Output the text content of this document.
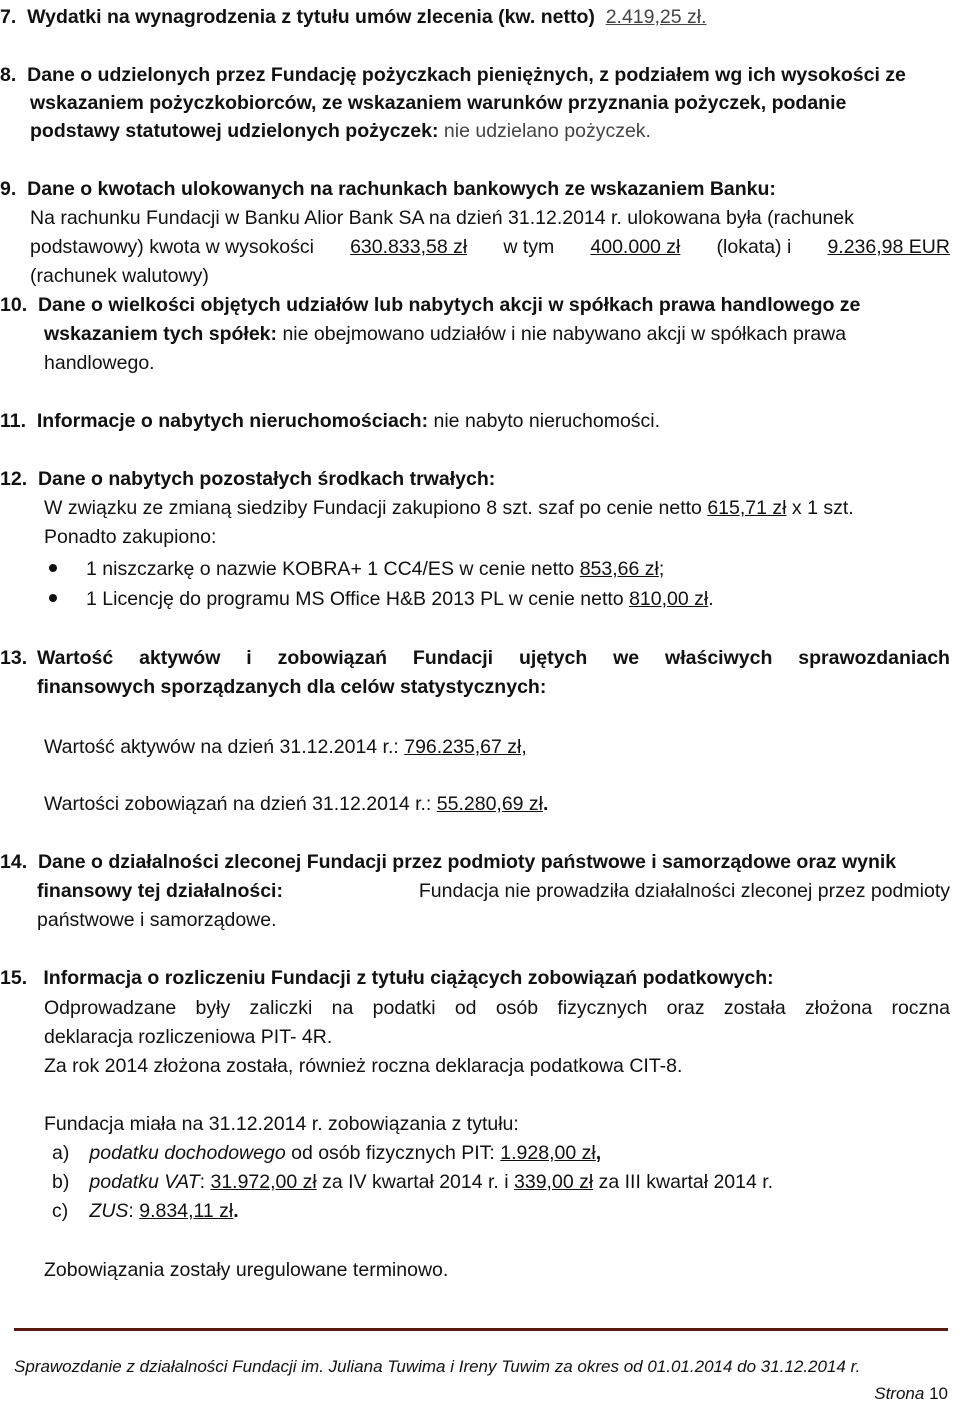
7. Wydatki na wynagrodzenia z tytułu umów zlecenia (kw. netto) 2.419,25 zł.
8. Dane o udzielonych przez Fundację pożyczkach pieniężnych, z podziałem wg ich wysokości ze
wskazaniem pożyczkobiorców, ze wskazaniem warunków przyznania pożyczek, podanie
podstawy statutowej udzielonych pożyczek: nie udzielano pożyczek.
9. Dane o kwotach ulokowanych na rachunkach bankowych ze wskazaniem Banku:
Na rachunku Fundacji w Banku Alior Bank SA na dzień 31.12.2014 r. ulokowana była (rachunek
podstawowy) kwota w wysokości 630.833,58 zł w tym 400.000 zł (lokata) i 9.236,98 EUR
(rachunek walutowy)
10. Dane o wielkości objętych udziałów lub nabytych akcji w spółkach prawa handlowego ze
wskazaniem tych spółek: nie obejmowano udziałów i nie nabywano akcji w spółkach prawa
handlowego.
11. Informacje o nabytych nieruchomościach: nie nabyto nieruchomości.
12. Dane o nabytych pozostałych środkach trwałych:
W związku ze zmianą siedziby Fundacji zakupiono 8 szt. szaf po cenie netto 615,71 zł x 1 szt.
Ponadto zakupiono:
1 niszczarkę o nazwie KOBRA+ 1 CC4/ES w cenie netto 853,66 zł;
1 Licencję do programu MS Office H&B 2013 PL w cenie netto 810,00 zł.
13. Wartość aktywów i zobowiązań Fundacji ujętych we właściwych sprawozdaniach
finansowych sporządzanych dla celów statystycznych:
Wartość aktywów na dzień 31.12.2014 r.: 796.235,67 zł,
Wartości zobowiązań na dzień 31.12.2014 r.: 55.280,69 zł.
14. Dane o działalności zleconej Fundacji przez podmioty państwowe i samorządowe oraz wynik
finansowy tej działalności:	Fundacja nie prowadziła działalności zleconej przez podmioty
państwowe i samorządowe.
15. Informacja o rozliczeniu Fundacji z tytułu ciążących zobowiązań podatkowych:
Odprowadzane były zaliczki na podatki od osób fizycznych oraz została złożona roczna
deklaracja rozliczeniowa PIT- 4R.
Za rok 2014 złożona została, również roczna deklaracja podatkowa CIT-8.
Fundacja miała na 31.12.2014 r. zobowiązania z tytułu:
a) podatku dochodowego od osób fizycznych PIT: 1.928,00 zł,
b) podatku VAT: 31.972,00 zł za IV kwartał 2014 r. i 339,00 zł za III kwartał 2014 r.
c) ZUS: 9.834,11 zł.
Zobowiązania zostały uregulowane terminowo.
Sprawozdanie z działalności Fundacji im. Juliana Tuwima i Ireny Tuwim za okres od 01.01.2014 do 31.12.2014 r.
Strona 10
